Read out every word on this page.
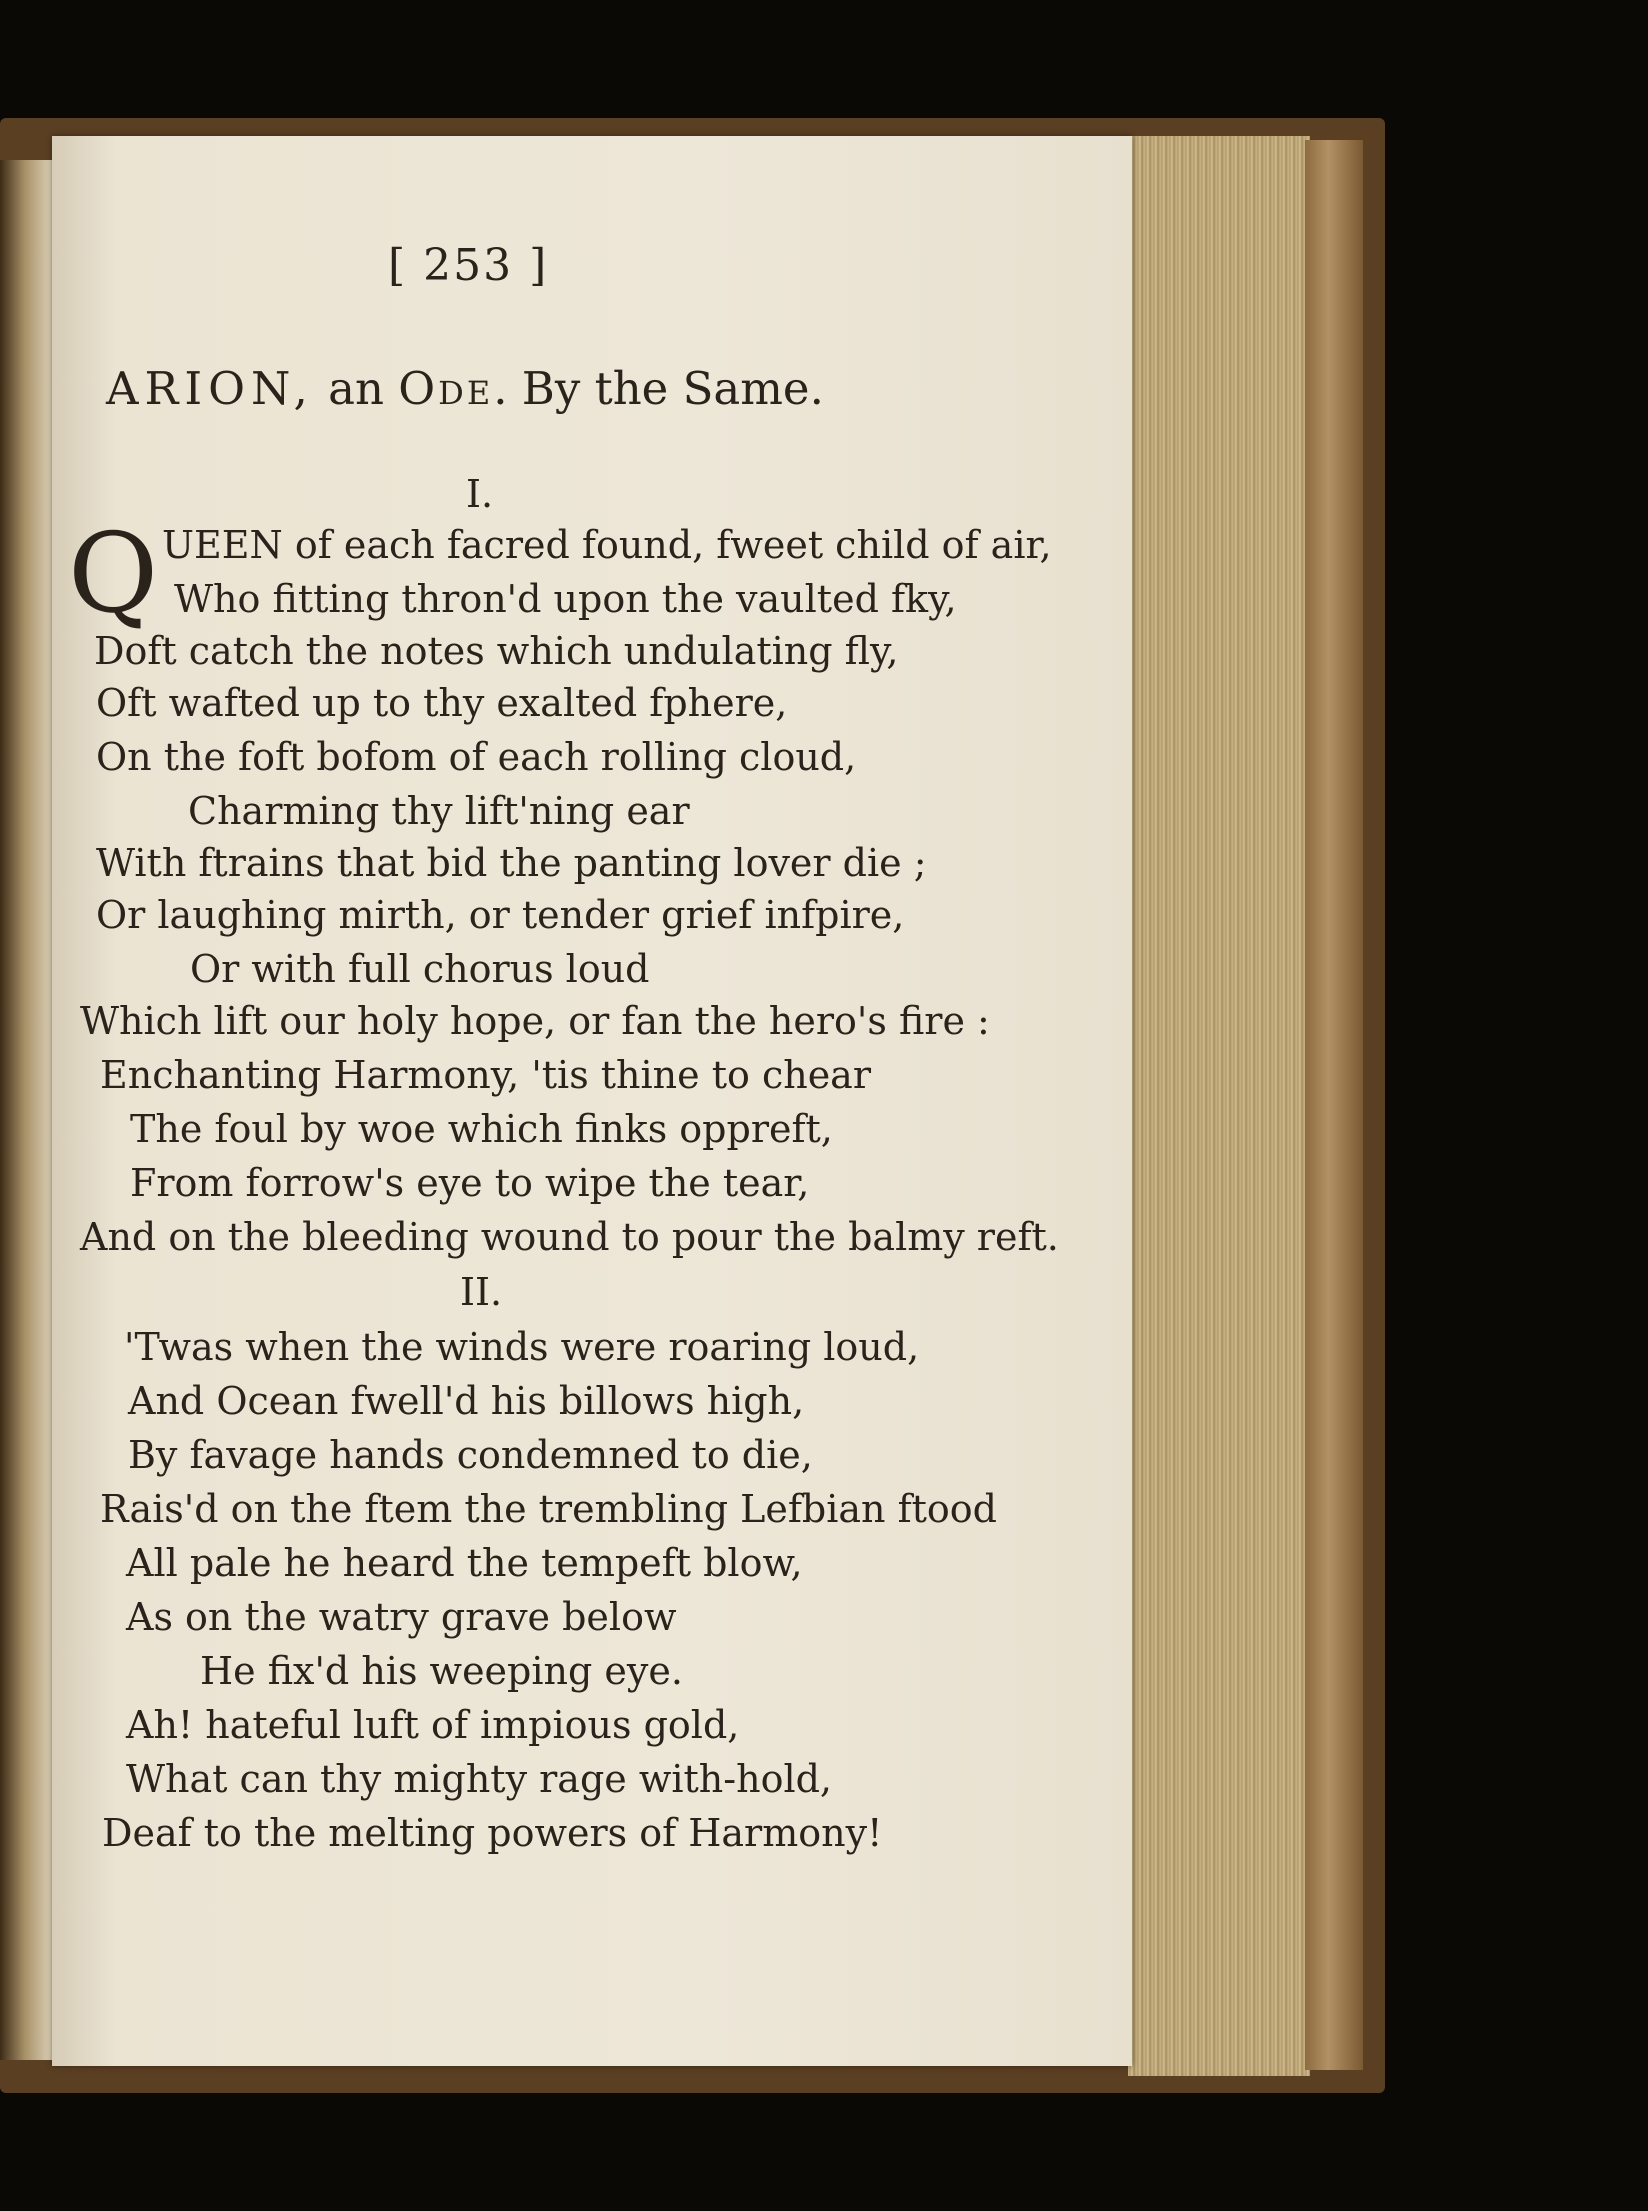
[ 253 ]
ARION, an Ode. By the Same.
I.
Q UEEN of each facred found, fweet child of air,
Who fitting thron'd upon the vaulted fky,
Doft catch the notes which undulating fly,
Oft wafted up to thy exalted fphere,
On the foft bofom of each rolling cloud,
Charming thy lift'ning ear
With ftrains that bid the panting lover die ;
Or laughing mirth, or tender grief infpire,
Or with full chorus loud
Which lift our holy hope, or fan the hero's fire :
Enchanting Harmony, 'tis thine to chear
The foul by woe which finks oppreft,
From forrow's eye to wipe the tear,
And on the bleeding wound to pour the balmy reft.
II.
'Twas when the winds were roaring loud,
And Ocean fwell'd his billows high,
By favage hands condemned to die,
Rais'd on the ftem the trembling Lefbian ftood
All pale he heard the tempeft blow,
As on the watry grave below
He fix'd his weeping eye.
Ah! hateful luft of impious gold,
What can thy mighty rage with-hold,
Deaf to the melting powers of Harmony!
